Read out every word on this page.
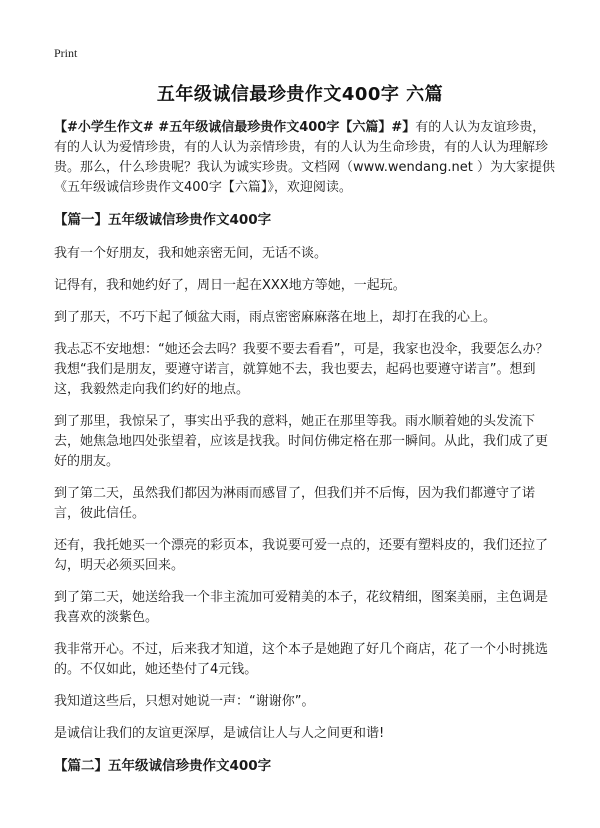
Print
五年级诚信最珍贵作文400字 六篇

【#小学生作文# #五年级诚信最珍贵作文400字【六篇】#】有的人认为友谊珍贵，有的人认为爱情珍贵，有的人认为亲情珍贵，有的人认为生命珍贵，有的人认为理解珍贵。那么，什么珍贵呢？我认为诚实珍贵。文档网（www.wendang.net ）为大家提供《五年级诚信珍贵作文400字【六篇】》，欢迎阅读。

【篇一】五年级诚信珍贵作文400字

我有一个好朋友，我和她亲密无间，无话不谈。

记得有，我和她约好了，周日一起在XXX地方等她，一起玩。

到了那天，不巧下起了倾盆大雨，雨点密密麻麻落在地上，却打在我的心上。

我忐忑不安地想：“她还会去吗？我要不要去看看”，可是，我家也没伞，我要怎么办？我想“我们是朋友，要遵守诺言，就算她不去，我也要去，起码也要遵守诺言”。想到这，我毅然走向我们约好的地点。

到了那里，我惊呆了，事实出乎我的意料，她正在那里等我。雨水顺着她的头发流下去，她焦急地四处张望着，应该是找我。时间仿佛定格在那一瞬间。从此，我们成了更好的朋友。

到了第二天，虽然我们都因为淋雨而感冒了，但我们并不后悔，因为我们都遵守了诺言，彼此信任。

还有，我托她买一个漂亮的彩页本，我说要可爱一点的，还要有塑料皮的，我们还拉了勾，明天必须买回来。

到了第二天，她送给我一个非主流加可爱精美的本子，花纹精细，图案美丽，主色调是我喜欢的淡紫色。

我非常开心。不过，后来我才知道，这个本子是她跑了好几个商店，花了一个小时挑选的。不仅如此，她还垫付了4元钱。

我知道这些后，只想对她说一声：“谢谢你”。

是诚信让我们的友谊更深厚，是诚信让人与人之间更和谐!

【篇二】五年级诚信珍贵作文400字
